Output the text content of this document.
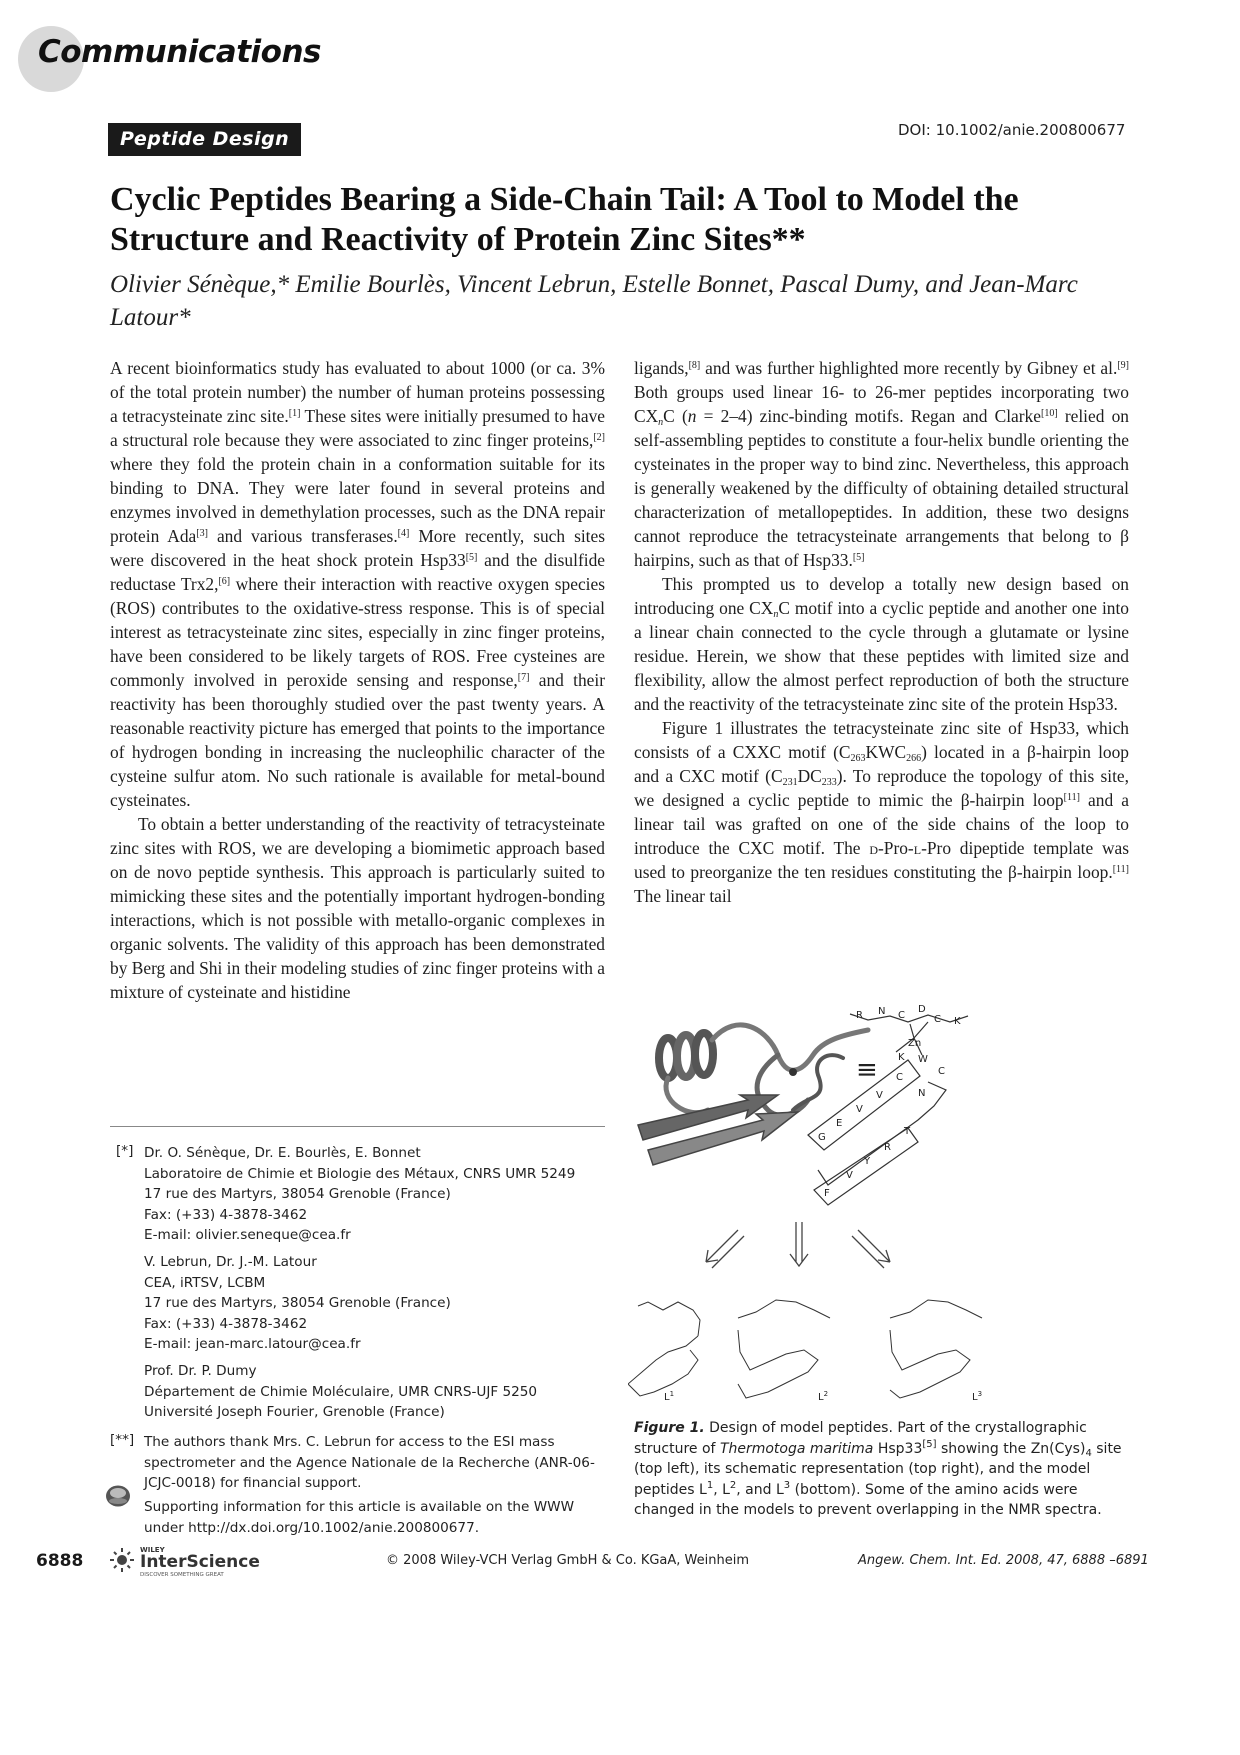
Communications
Peptide Design	DOI: 10.1002/anie.200800677
Cyclic Peptides Bearing a Side-Chain Tail: A Tool to Model the Structure and Reactivity of Protein Zinc Sites**
Olivier Sénèque,* Emilie Bourlès, Vincent Lebrun, Estelle Bonnet, Pascal Dumy, and Jean-Marc Latour*

A recent bioinformatics study has evaluated to about 1000 (or ca. 3% of the total protein number) the number of human proteins possessing a tetracysteinate zinc site.[1] These sites were initially presumed to have a structural role because they were associated to zinc finger proteins,[2] where they fold the protein chain in a conformation suitable for its binding to DNA. They were later found in several proteins and enzymes involved in demethylation processes, such as the DNA repair protein Ada[3] and various transferases.[4] More recently, such sites were discovered in the heat shock protein Hsp33[5] and the disulfide reductase Trx2,[6] where their interaction with reactive oxygen species (ROS) contributes to the oxidative-stress response. This is of special interest as tetracysteinate zinc sites, especially in zinc finger proteins, have been considered to be likely targets of ROS. Free cysteines are commonly involved in peroxide sensing and response,[7] and their reactivity has been thoroughly studied over the past twenty years. A reasonable reactivity picture has emerged that points to the importance of hydrogen bonding in increasing the nucleophilic character of the cysteine sulfur atom. No such rationale is available for metal-bound cysteinates.

To obtain a better understanding of the reactivity of tetracysteinate zinc sites with ROS, we are developing a biomimetic approach based on de novo peptide synthesis. This approach is particularly suited to mimicking these sites and the potentially important hydrogen-bonding interactions, which is not possible with metallo-organic complexes in organic solvents. The validity of this approach has been demonstrated by Berg and Shi in their modeling studies of zinc finger proteins with a mixture of cysteinate and histidine

ligands,[8] and was further highlighted more recently by Gibney et al.[9] Both groups used linear 16- to 26-mer peptides incorporating two $CX_nC$ (n = 2–4) zinc-binding motifs. Regan and Clarke[10] relied on self-assembling peptides to constitute a four-helix bundle orienting the cysteinates in the proper way to bind zinc. Nevertheless, this approach is generally weakened by the difficulty of obtaining detailed structural characterization of metallopeptides. In addition, these two designs cannot reproduce the tetracysteinate arrangements that belong to β hairpins, such as that of Hsp33.[5]

This prompted us to develop a totally new design based on introducing one $CX_nC$ motif into a cyclic peptide and another one into a linear chain connected to the cycle through a glutamate or lysine residue. Herein, we show that these peptides with limited size and flexibility, allow the almost perfect reproduction of both the structure and the reactivity of the tetracysteinate zinc site of the protein Hsp33.

Figure 1 illustrates the tetracysteinate zinc site of Hsp33, which consists of a CXXC motif $(C_{263}KWC_{266})$ located in a β-hairpin loop and a CXC motif $(C_{231}DC_{233})$. To reproduce the topology of this site, we designed a cyclic peptide to mimic the β-hairpin loop[11] and a linear tail was grafted on one of the side chains of the loop to introduce the CXC motif. The d-Pro-l-Pro dipeptide template was used to preorganize the ten residues constituting the β-hairpin loop.[11] The linear tail

[*] Dr. O. Sénèque, Dr. E. Bourlès, E. Bonnet
Laboratoire de Chimie et Biologie des Métaux, CNRS UMR 5249
17 rue des Martyrs, 38054 Grenoble (France)
Fax: (+33) 4-3878-3462
E-mail: olivier.seneque@cea.fr
V. Lebrun, Dr. J.-M. Latour
CEA, iRTSV, LCBM
17 rue des Martyrs, 38054 Grenoble (France)
Fax: (+33) 4-3878-3462
E-mail: jean-marc.latour@cea.fr
Prof. Dr. P. Dumy
Département de Chimie Moléculaire, UMR CNRS-UJF 5250
Université Joseph Fourier, Grenoble (France)
[**] The authors thank Mrs. C. Lebrun for access to the ESI mass
spectrometer and the Agence Nationale de la Recherche (ANR-06-
JCJC-0018) for financial support.
Supporting information for this article is available on the WWW
under http://dx.doi.org/10.1002/anie.200800677.
≡
R N C
D
C K
Zn
K W
C
N
C
V
V
E
G
T
R
Y
V
F
$L^1$	$L^2$	$L^3$
Figure 1. Design of model peptides. Part of the crystallographic structure of Thermotoga maritima Hsp33[5] showing the $Zn(Cys)_4$ site (top left), its schematic representation (top right), and the model peptides $L^1$, $L^2$, and $L^3$ (bottom). Some of the amino acids were changed in the models to prevent overlapping in the NMR spectra.
6888
WILEY
InterScience
DISCOVER SOMETHING GREAT
© 2008 Wiley-VCH Verlag GmbH & Co. KGaA, Weinheim	Angew. Chem. Int. Ed. 2008, 47, 6888 –6891
